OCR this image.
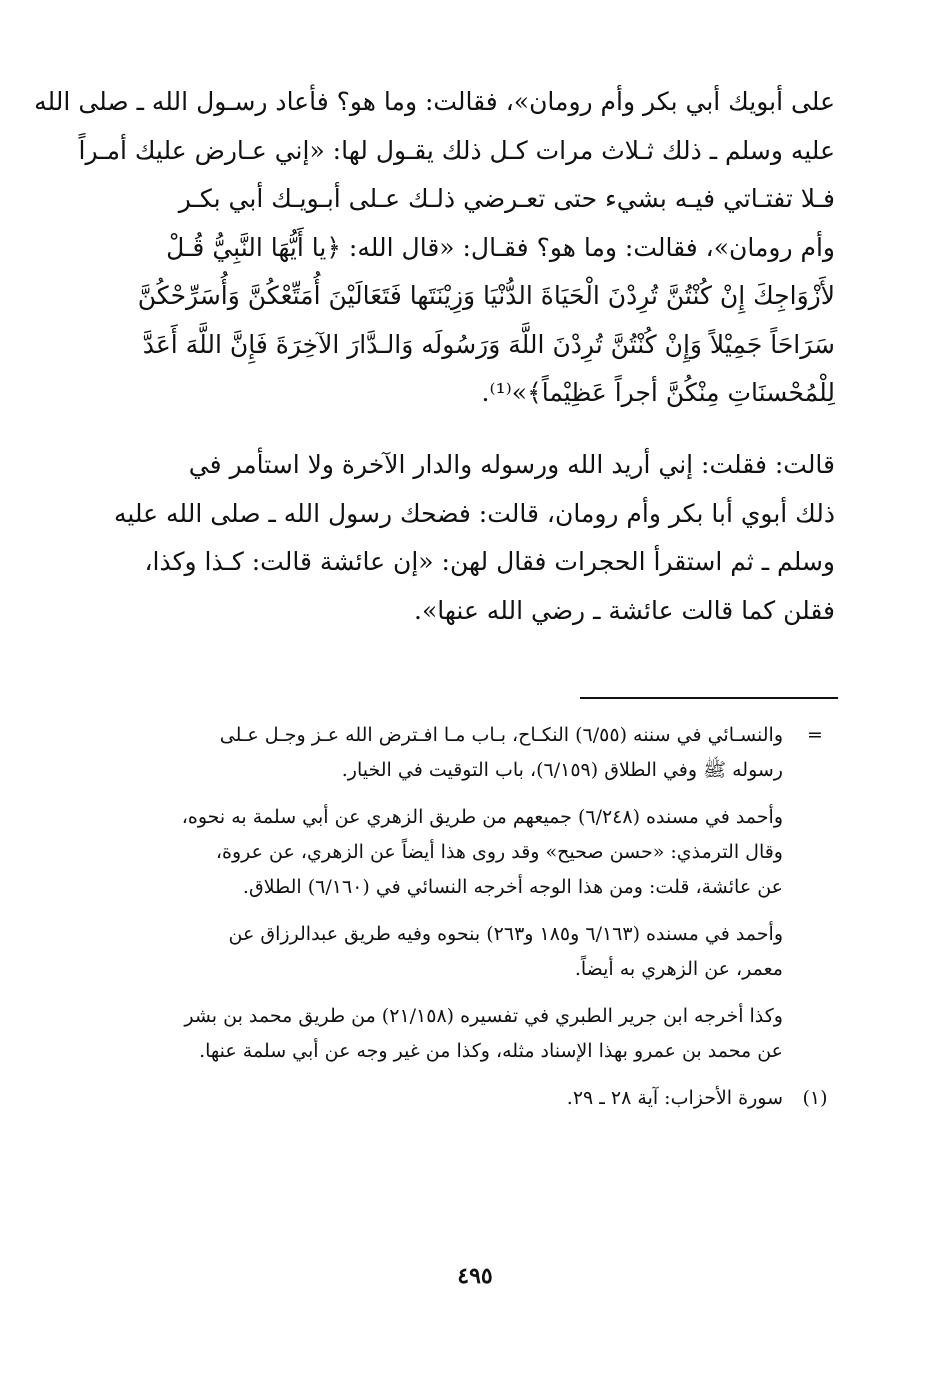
على أبويك أبي بكر وأم رومان»، فقالت: وما هو؟ فأعاد رسـول الله ـ صلى الله
عليه وسلم ـ ذلك ثـلاث مرات كـل ذلك يقـول لها: «إني عـارض عليك أمـراً
فـلا تفتـاتي فيـه بشيء حتى تعـرضي ذلـك عـلى أبـويـك أبي بكـر
وأم رومان»، فقالت: وما هو؟ فقـال: «قال الله: ﴿يا أَيُّهَا النَّبِيُّ قُـلْ
لأَزْوَاجِكَ إِنْ كُنْتُنَّ تُرِدْنَ الْحَيَاةَ الدُّنْيَا وَزِيْنَتَها فَتَعَالَيْنَ أُمَتِّعْكُنَّ وَأُسَرِّحْكُنَّ
سَرَاحَاً جَمِيْلاً وَإِنْ كُنْتُنَّ تُرِدْنَ اللَّهَ وَرَسُولَه وَالـدَّارَ الآخِرَةَ فَإِنَّ اللَّهَ أَعَدَّ
لِلْمُحْسنَاتِ مِنْكُنَّ أجراً عَظِيْماً﴾»⁽¹⁾.
قالت: فقلت: إني أريد الله ورسوله والدار الآخرة ولا استأمر في
ذلك أبوي أبا بكر وأم رومان، قالت: فضحك رسول الله ـ صلى الله عليه
وسلم ـ ثم استقرأ الحجرات فقال لهن: «إن عائشة قالت: كـذا وكذا،
فقلن كما قالت عائشة ـ رضي الله عنها».
=
والنسـائي في سننه (٦/٥٥) النكـاح، بـاب مـا افـترض الله عـز وجـل عـلى
رسوله ﷺ وفي الطلاق (٦/١٥٩)، باب التوقيت في الخيار.
وأحمد في مسنده (٦/٢٤٨) جميعهم من طريق الزهري عن أبي سلمة به نحوه،
وقال الترمذي: «حسن صحيح» وقد روى هذا أيضاً عن الزهري، عن عروة،
عن عائشة، قلت: ومن هذا الوجه أخرجه النسائي في (٦/١٦٠) الطلاق.
وأحمد في مسنده (٦/١٦٣ و١٨٥ و٢٦٣) بنحوه وفيه طريق عبدالرزاق عن
معمر، عن الزهري به أيضاً.
وكذا أخرجه ابن جرير الطبري في تفسيره (٢١/١٥٨) من طريق محمد بن بشر
عن محمد بن عمرو بهذا الإسناد مثله، وكذا من غير وجه عن أبي سلمة عنها.
(١)
سورة الأحزاب: آية ٢٨ ـ ٢٩.
٤٩٥
